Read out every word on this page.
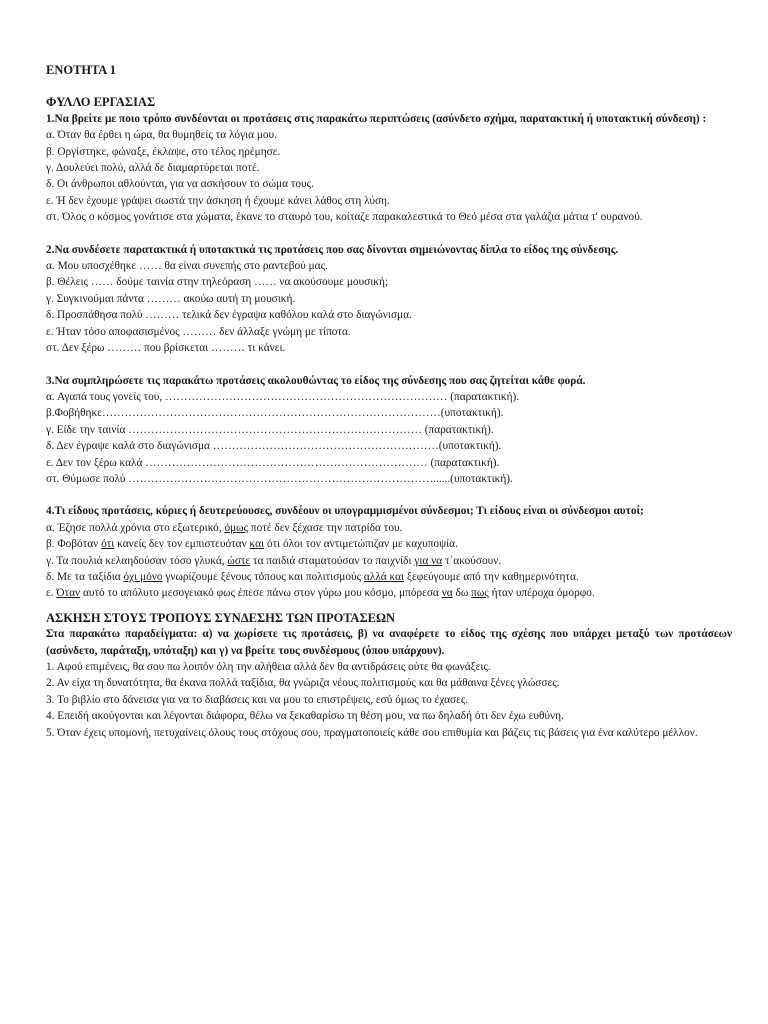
ΕΝΟΤΗΤΑ 1
ΦΥΛΛΟ ΕΡΓΑΣΙΑΣ
1.Να βρείτε με ποιο τρόπο συνδέονται οι προτάσεις στις παρακάτω περιπτώσεις (ασύνδετο σχήμα, παρατακτική ή υποτακτική σύνδεση) :
α. Όταν θα έρθει η ώρα, θα θυμηθείς τα λόγια μου.
β. Οργίστηκε, φώναξε, έκλαψε, στο τέλος ηρέμησε.
γ. Δουλεύει πολύ, αλλά δε διαμαρτύρεται ποτέ.
δ. Οι άνθρωποι αθλούνται, για να ασκήσουν το σώμα τους.
ε. Ή δεν έχουμε γράψει σωστά την άσκηση ή έχουμε κάνει λάθος στη λύση.
στ. Όλος ο κόσμος γονάτισε στα χώματα, έκανε το σταυρό του, κοίταζε παρακαλεστικά το Θεό μέσα στα γαλάζια μάτια τ' ουρανού.
2.Να συνδέσετε παρατακτικά ή υποτακτικά τις προτάσεις που σας δίνονται σημειώνοντας δίπλα το είδος της σύνδεσης.
α. Μου υποσχέθηκε …… θα είναι συνεπής στο ραντεβού μας.
β. Θέλεις …… δούμε ταινία στην τηλεόραση …… να ακούσουμε μουσική;
γ. Συγκινούμαι πάντα ……… ακούω αυτή τη μουσική.
δ. Προσπάθησα πολύ ……… τελικά δεν έγραψα καθόλου καλά στο διαγώνισμα.
ε. Ήταν τόσο αποφασισμένος ……… δεν άλλαξε γνώμη με τίποτα.
στ. Δεν ξέρω ……… που βρίσκεται ……… τι κάνει.
3.Να συμπληρώσετε τις παρακάτω προτάσεις ακολουθώντας το είδος της σύνδεσης που σας ζητείται κάθε φορά.
α. Αγαπά τους γονείς του, ………………………………………………………………… (παρατακτική).
β.Φοβήθηκε………………………………………………………………………………(υποτακτική).
γ. Είδε την ταινία …………………………………………………………………… (παρατακτική).
δ. Δεν έγραψε καλά στο διαγώνισμα ……………………………………………………(υποτακτική).
ε. Δεν τον ξέρω καλά ………………………………………………………………… (παρατακτική).
στ. Θύμωσε πολύ ………………………………………………………………………......(υποτακτική).
4.Τι είδους προτάσεις, κύριες ή δευτερεύουσες, συνδέουν οι υπογραμμισμένοι σύνδεσμοι; Τι είδους είναι οι σύνδεσμοι αυτοί;
α. Έζησε πολλά χρόνια στο εξωτερικό, όμως ποτέ δεν ξέχασε την πατρίδα του.
β. Φοβόταν ότι κανείς δεν τον εμπιστευόταν και ότι όλοι τον αντιμετώπιζαν με καχυποψία.
γ. Τα πουλιά κελαηδούσαν τόσο γλυκά, ώστε τα παιδιά σταματούσαν το παιχνίδι για να τ΄ακούσουν.
δ. Με τα ταξίδια όχι μόνο γνωρίζουμε ξένους τόπους και πολιτισμούς αλλά και ξεφεύγουμε από την καθημερινότητα.
ε. Όταν αυτό το απόλυτο μεσογειακό φως έπεσε πάνω στον γύρω μου κόσμο, μπόρεσα να δω πως ήταν υπέροχα όμορφο.
ΑΣΚΗΣΗ ΣΤΟΥΣ ΤΡΟΠΟΥΣ ΣΥΝΔΕΣΗΣ ΤΩΝ ΠΡΟΤΑΣΕΩΝ
Στα παρακάτω παραδείγματα: α) να χωρίσετε τις προτάσεις, β) να αναφέρετε το είδος της σχέσης που υπάρχει μεταξύ των προτάσεων (ασύνδετο, παράταξη, υπόταξη) και γ) να βρείτε τους συνδέσμους (όπου υπάρχουν).
1. Αφού επιμένεις, θα σου πω λοιπόν όλη την αλήθεια αλλά δεν θα αντιδράσεις ούτε θα φωνάξεις.
2. Αν είχα τη δυνατότητα, θα έκανα πολλά ταξίδια, θα γνώριζα νέους πολιτισμούς και θα μάθαινα ξένες γλώσσες.
3. Το βιβλίο στο δάνεισα για να το διαβάσεις και να μου το επιστρέψεις, εσύ όμως το έχασες.
4. Επειδή ακούγονται και λέγονται διάφορα, θέλω να ξεκαθαρίσω τη θέση μου, να πω δηλαδή ότι δεν έχω ευθύνη.
5. Όταν έχεις υπομονή, πετυχαίνεις όλους τους στόχους σου, πραγματοποιείς κάθε σου επιθυμία και βάζεις τις βάσεις για ένα καλύτερο μέλλον.
